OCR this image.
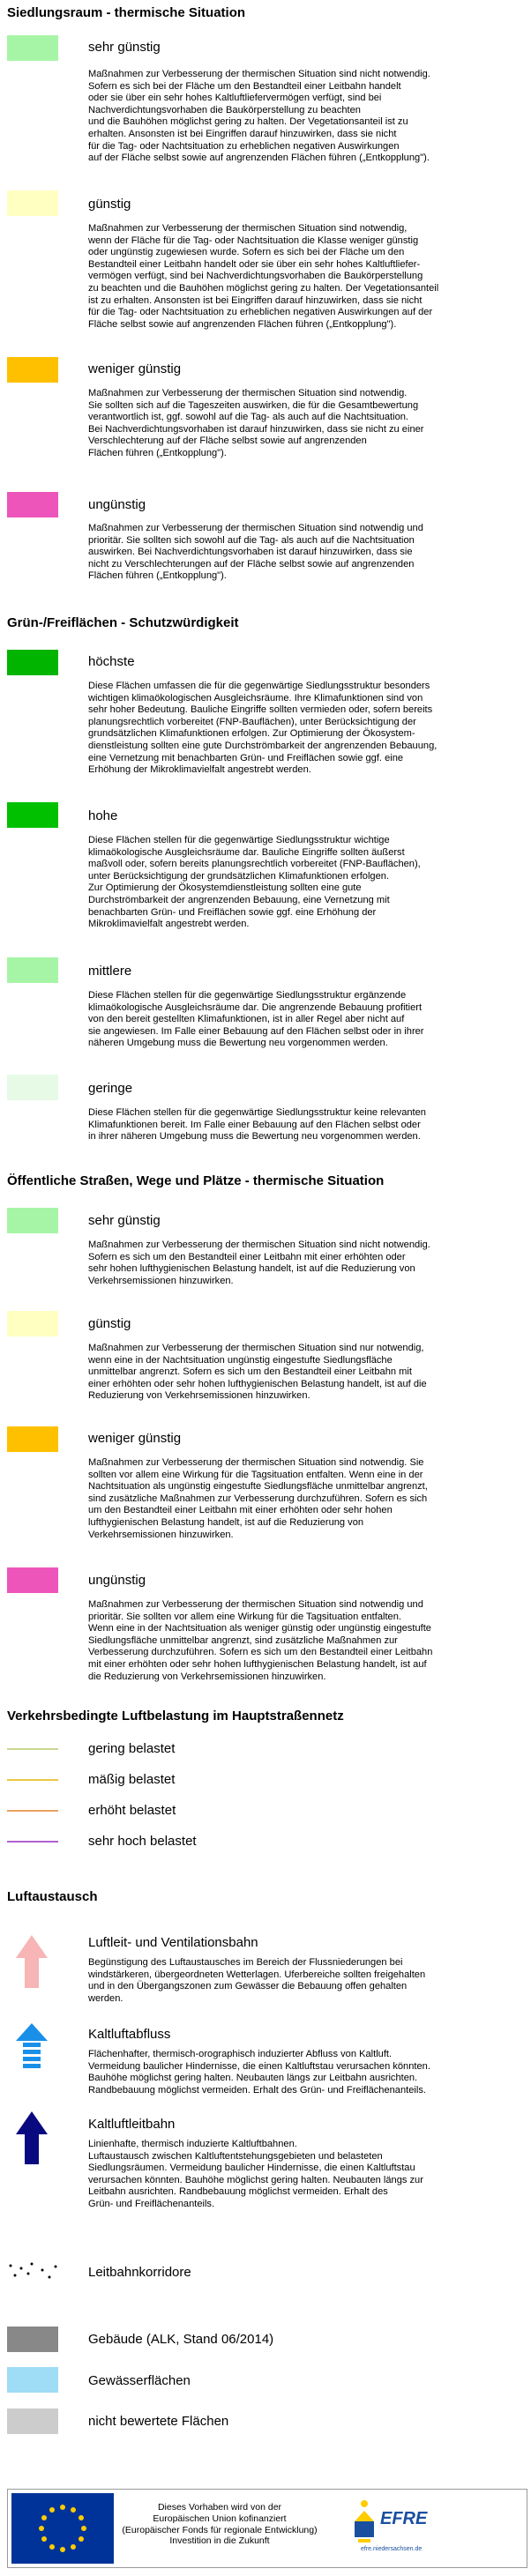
Siedlungsraum - thermische Situation
sehr günstig
Maßnahmen zur Verbesserung der thermischen Situation sind nicht notwendig.
Sofern es sich bei der Fläche um den Bestandteil einer Leitbahn handelt
oder sie über ein sehr hohes Kaltluftliefervermögen verfügt, sind bei
Nachverdichtungsvorhaben die Baukörperstellung zu beachten
und die Bauhöhen möglichst gering zu halten. Der Vegetationsanteil ist zu
erhalten. Ansonsten ist bei Eingriffen darauf hinzuwirken, dass sie nicht
für die Tag- oder Nachtsituation zu erheblichen negativen Auswirkungen
auf der Fläche selbst sowie auf angrenzenden Flächen führen („Entkopplung").
günstig
Maßnahmen zur Verbesserung der thermischen Situation sind notwendig,
wenn der Fläche für die Tag- oder Nachtsituation die Klasse weniger günstig
oder ungünstig zugewiesen wurde. Sofern es sich bei der Fläche um den
Bestandteil einer Leitbahn handelt oder sie über ein sehr hohes Kaltluftliefer-
vermögen verfügt, sind bei Nachverdichtungsvorhaben die Baukörperstellung
zu beachten und die Bauhöhen möglichst gering zu halten. Der Vegetationsanteil
ist zu erhalten. Ansonsten ist bei Eingriffen darauf hinzuwirken, dass sie nicht
für die Tag- oder Nachtsituation zu erheblichen negativen Auswirkungen auf der
Fläche selbst sowie auf angrenzenden Flächen führen („Entkopplung").
weniger günstig
Maßnahmen zur Verbesserung der thermischen Situation sind notwendig.
Sie sollten sich auf die Tageszeiten auswirken, die für die Gesamtbewertung
verantwortlich ist, ggf. sowohl auf die Tag- als auch auf die Nachtsituation.
Bei Nachverdichtungsvorhaben ist darauf hinzuwirken, dass sie nicht zu einer
Verschlechterung auf der Fläche selbst sowie auf angrenzenden
Flächen führen („Entkopplung").
ungünstig
Maßnahmen zur Verbesserung der thermischen Situation sind notwendig und
prioritär. Sie sollten sich sowohl auf die Tag- als auch auf die Nachtsituation
auswirken. Bei Nachverdichtungsvorhaben ist darauf hinzuwirken, dass sie
nicht zu Verschlechterungen auf der Fläche selbst sowie auf angrenzenden
Flächen führen („Entkopplung").
Grün-/Freiflächen - Schutzwürdigkeit
höchste
Diese Flächen umfassen die für die gegenwärtige Siedlungsstruktur besonders
wichtigen klimaökologischen Ausgleichsräume. Ihre Klimafunktionen sind von
sehr hoher Bedeutung. Bauliche Eingriffe sollten vermieden oder, sofern bereits
planungsrechtlich vorbereitet (FNP-Bauflächen), unter Berücksichtigung der
grundsätzlichen Klimafunktionen erfolgen. Zur Optimierung der Ökosystem-
dienstleistung sollten eine gute Durchströmbarkeit der angrenzenden Bebauung,
eine Vernetzung mit benachbarten Grün- und Freiflächen sowie ggf. eine
Erhöhung der Mikroklimavielfalt angestrebt werden.
hohe
Diese Flächen stellen für die gegenwärtige Siedlungsstruktur wichtige
klimaökologische Ausgleichsräume dar. Bauliche Eingriffe sollten äußerst
maßvoll oder, sofern bereits planungsrechtlich vorbereitet (FNP-Bauflächen),
unter Berücksichtigung der grundsätzlichen Klimafunktionen erfolgen.
Zur Optimierung der Ökosystemdienstleistung sollten eine gute
Durchströmbarkeit der angrenzenden Bebauung, eine Vernetzung mit
benachbarten Grün- und Freiflächen sowie ggf. eine Erhöhung der
Mikroklimavielfalt angestrebt werden.
mittlere
Diese Flächen stellen für die gegenwärtige Siedlungsstruktur ergänzende
klimaökologische Ausgleichsräume dar. Die angrenzende Bebauung profitiert
von den bereit gestellten Klimafunktionen, ist in aller Regel aber nicht auf
sie angewiesen. Im Falle einer Bebauung auf den Flächen selbst oder in ihrer
näheren Umgebung muss die Bewertung neu vorgenommen werden.
geringe
Diese Flächen stellen für die gegenwärtige Siedlungsstruktur keine relevanten
Klimafunktionen bereit. Im Falle einer Bebauung auf den Flächen selbst oder
in ihrer näheren Umgebung muss die Bewertung neu vorgenommen werden.
Öffentliche Straßen, Wege und Plätze - thermische Situation
sehr günstig
Maßnahmen zur Verbesserung der thermischen Situation sind nicht notwendig.
Sofern es sich um den Bestandteil einer Leitbahn mit einer erhöhten oder
sehr hohen lufthygienischen Belastung handelt, ist auf die Reduzierung von
Verkehrsemissionen hinzuwirken.
günstig
Maßnahmen zur Verbesserung der thermischen Situation sind nur notwendig,
wenn eine in der Nachtsituation ungünstig eingestufte Siedlungsfläche
unmittelbar angrenzt. Sofern es sich um den Bestandteil einer Leitbahn mit
einer erhöhten oder sehr hohen lufthygienischen Belastung handelt, ist auf die
Reduzierung von Verkehrsemissionen hinzuwirken.
weniger günstig
Maßnahmen zur Verbesserung der thermischen Situation sind notwendig. Sie
sollten vor allem eine Wirkung für die Tagsituation entfalten. Wenn eine in der
Nachtsituation als ungünstig eingestufte Siedlungsfläche unmittelbar angrenzt,
sind zusätzliche Maßnahmen zur Verbesserung durchzuführen. Sofern es sich
um den Bestandteil einer Leitbahn mit einer erhöhten oder sehr hohen
lufthygienischen Belastung handelt, ist auf die Reduzierung von
Verkehrsemissionen hinzuwirken.
ungünstig
Maßnahmen zur Verbesserung der thermischen Situation sind notwendig und
prioritär. Sie sollten vor allem eine Wirkung für die Tagsituation entfalten.
Wenn eine in der Nachtsituation als weniger günstig oder ungünstig eingestufte
Siedlungsfläche unmittelbar angrenzt, sind zusätzliche Maßnahmen zur
Verbesserung durchzuführen. Sofern es sich um den Bestandteil einer Leitbahn
mit einer erhöhten oder sehr hohen lufthygienischen Belastung handelt, ist auf
die Reduzierung von Verkehrsemissionen hinzuwirken.
Verkehrsbedingte Luftbelastung im Hauptstraßennetz
gering belastet
mäßig belastet
erhöht belastet
sehr hoch belastet
Luftaustausch
Luftleit- und Ventilationsbahn
Begünstigung des Luftaustausches im Bereich der Flussniederungen bei
windstärkeren, übergeordneten Wetterlagen. Uferbereiche sollten freigehalten
und in den Übergangszonen zum Gewässer die Bebauung offen gehalten
werden.
Kaltluftabfluss
Flächenhafter, thermisch-orographisch induzierter Abfluss von Kaltluft.
Vermeidung baulicher Hindernisse, die einen Kaltluftstau verursachen könnten.
Bauhöhe möglichst gering halten. Neubauten längs zur Leitbahn ausrichten.
Randbebauung möglichst vermeiden. Erhalt des Grün- und Freiflächenanteils.
Kaltluftleitbahn
Linienhafte, thermisch induzierte Kaltluftbahnen.
Luftaustausch zwischen Kaltluftentstehungsgebieten und belasteten
Siedlungsräumen. Vermeidung baulicher Hindernisse, die einen Kaltluftstau
verursachen könnten. Bauhöhe möglichst gering halten. Neubauten längs zur
Leitbahn ausrichten. Randbebauung möglichst vermeiden. Erhalt des
Grün- und Freiflächenanteils.
Leitbahnkorridore
Gebäude (ALK, Stand 06/2014)
Gewässerflächen
nicht bewertete Flächen
Dieses Vorhaben wird von der
Europäischen Union kofinanziert
(Europäischer Fonds für regionale Entwicklung)
Investition in die Zukunft
EFRE
efre.niedersachsen.de
